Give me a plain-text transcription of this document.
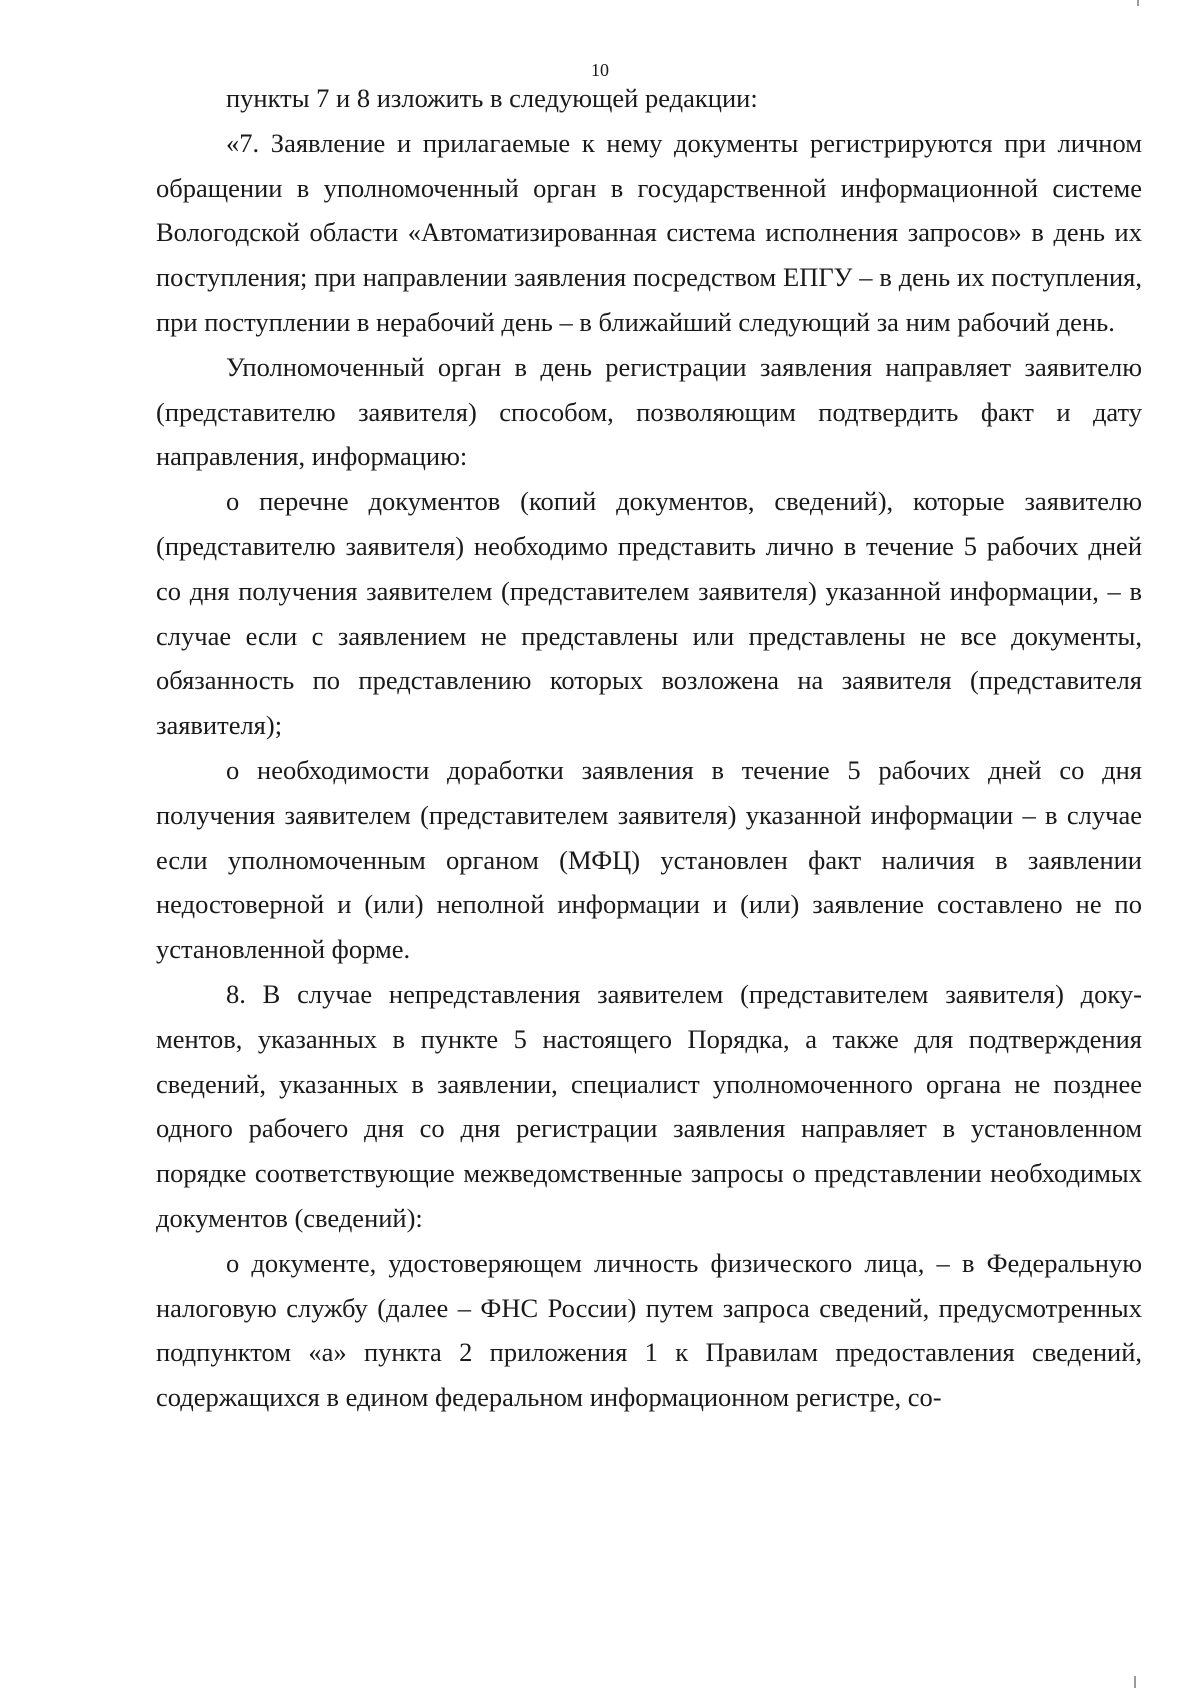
10

пункты 7 и 8 изложить в следующей редакции:

«7. Заявление и прилагаемые к нему документы регистрируются при личном обращении в уполномоченный орган в государственной информационной системе Вологодской области «Автоматизированная система исполнения запросов» в день их поступления; при направлении заявления посредством ЕПГУ – в день их поступления, при поступлении в нерабочий день – в ближайший следующий за ним рабочий день.

Уполномоченный орган в день регистрации заявления направляет заявителю (представителю заявителя) способом, позволяющим подтвердить факт и дату направления, информацию:

о перечне документов (копий документов, сведений), которые заявителю (представителю заявителя) необходимо представить лично в течение 5 рабочих дней со дня получения заявителем (представителем заявителя) указанной информации, – в случае если с заявлением не представлены или представлены не все документы, обязанность по представлению которых возложена на заявителя (представителя заявителя);

о необходимости доработки заявления в течение 5 рабочих дней со дня получения заявителем (представителем заявителя) указанной информации – в случае если уполномоченным органом (МФЦ) установлен факт наличия в заявлении недостоверной и (или) неполной информации и (или) заявление составлено не по установленной форме.

8. В случае непредставления заявителем (представителем заявителя) документов, указанных в пункте 5 настоящего Порядка, а также для подтверждения сведений, указанных в заявлении, специалист уполномоченного органа не позднее одного рабочего дня со дня регистрации заявления направляет в установленном порядке соответствующие межведомственные запросы о представлении необходимых документов (сведений):

о документе, удостоверяющем личность физического лица, – в Федеральную налоговую службу (далее – ФНС России) путем запроса сведений, предусмотренных подпунктом «а» пункта 2 приложения 1 к Правилам предоставления сведений, содержащихся в едином федеральном информационном регистре, со-
